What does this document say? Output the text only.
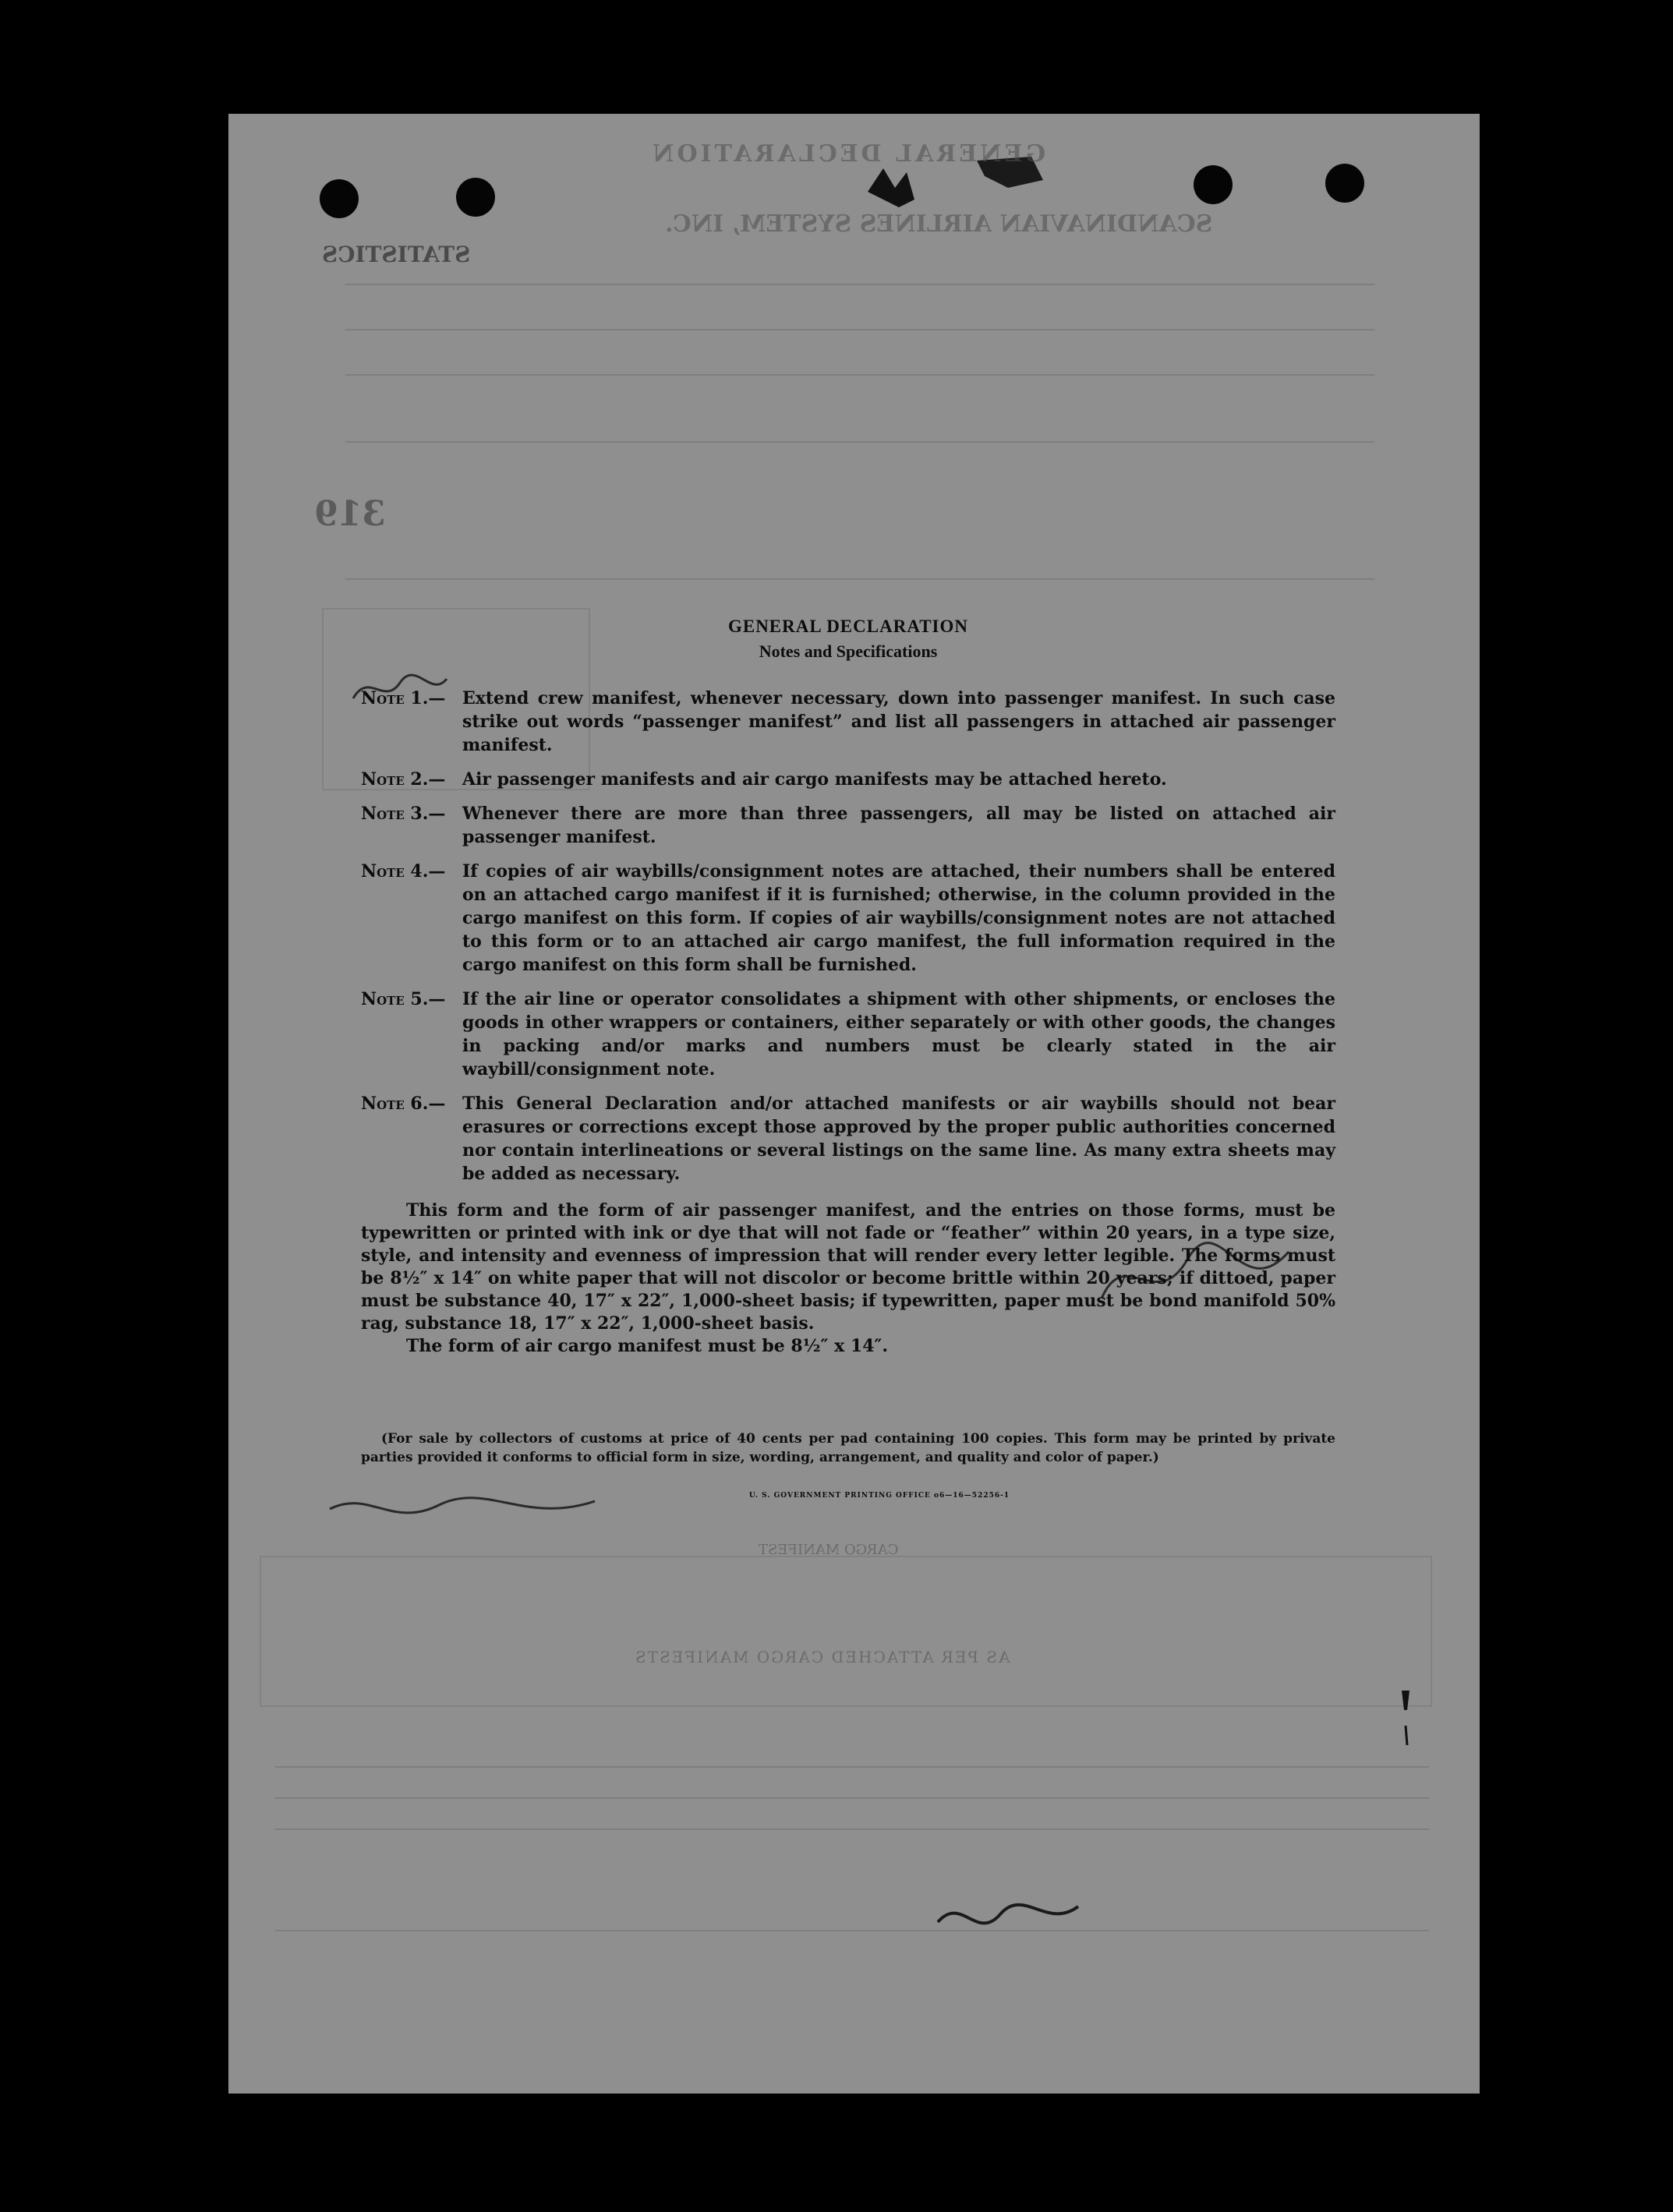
GENERAL DECLARATION
SCANDINAVIAN AIRLINES SYSTEM, INC.
STATISTICS
319
CARGO MANIFEST
AS PER ATTACHED CARGO MANIFESTS
GENERAL DECLARATION
Notes and Specifications
Note 1.— Extend crew manifest, whenever necessary, down into passenger manifest. In such case strike out words “passenger manifest” and list all passengers in attached air passenger manifest.
Note 2.— Air passenger manifests and air cargo manifests may be attached hereto.
Note 3.— Whenever there are more than three passengers, all may be listed on attached air passenger manifest.
Note 4.— If copies of air waybills/consignment notes are attached, their numbers shall be entered on an attached cargo manifest if it is furnished; otherwise, in the column provided in the cargo manifest on this form. If copies of air waybills/consignment notes are not attached to this form or to an attached air cargo manifest, the full information required in the cargo manifest on this form shall be furnished.
Note 5.— If the air line or operator consolidates a shipment with other shipments, or encloses the goods in other wrappers or containers, either separately or with other goods, the changes in packing and/or marks and numbers must be clearly stated in the air waybill/consignment note.
Note 6.— This General Declaration and/or attached manifests or air waybills should not bear erasures or corrections except those approved by the proper public authorities concerned nor contain interlineations or several listings on the same line. As many extra sheets may be added as necessary.
This form and the form of air passenger manifest, and the entries on those forms, must be typewritten or printed with ink or dye that will not fade or “feather” within 20 years, in a type size, style, and intensity and evenness of impression that will render every letter legible. The forms must be 8½″ x 14″ on white paper that will not discolor or become brittle within 20 years; if dittoed, paper must be substance 40, 17″ x 22″, 1,000-sheet basis; if typewritten, paper must be bond manifold 50% rag, substance 18, 17″ x 22″, 1,000-sheet basis.
The form of air cargo manifest must be 8½″ x 14″.
(For sale by collectors of customs at price of 40 cents per pad containing 100 copies. This form may be printed by private parties provided it conforms to official form in size, wording, arrangement, and quality and color of paper.)
U. S. GOVERNMENT PRINTING OFFICE o6—16—52256-1
